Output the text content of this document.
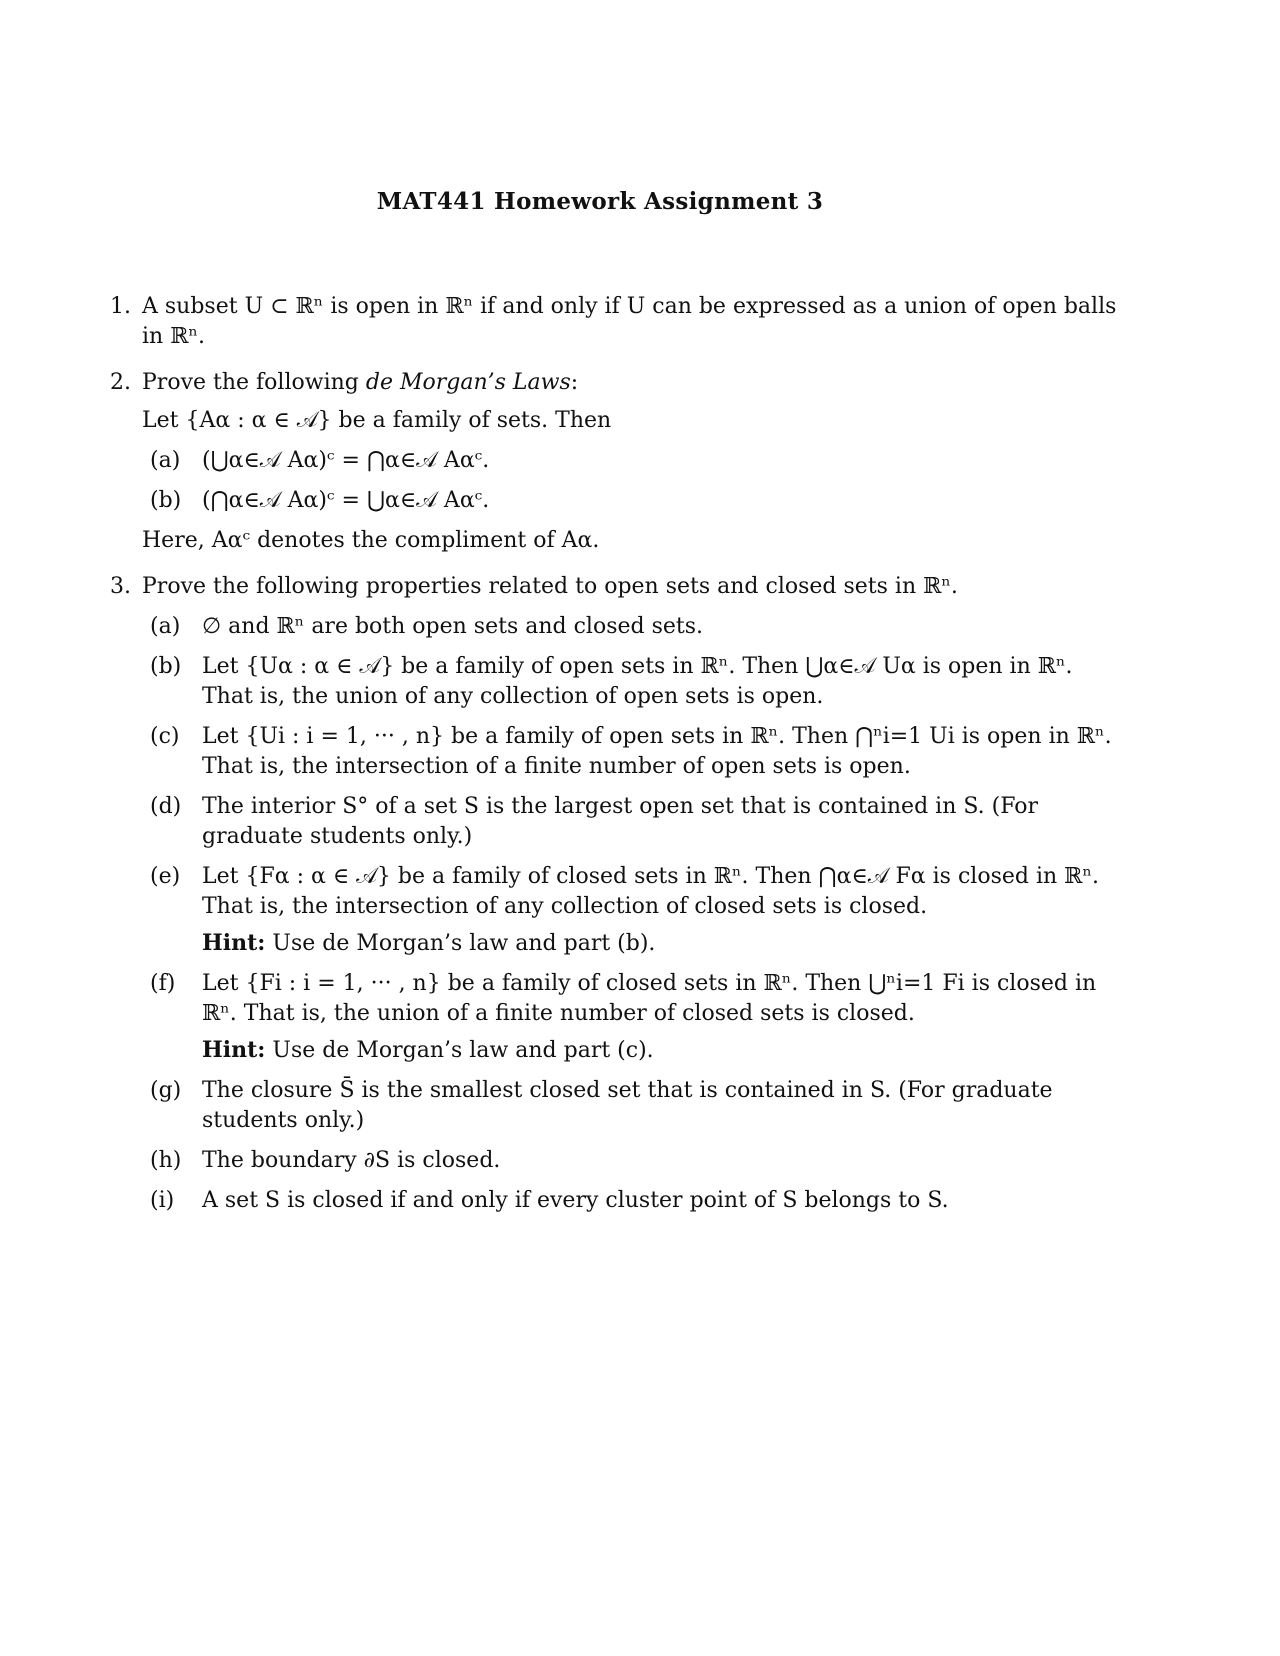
MAT441 Homework Assignment 3
1. A subset U ⊂ ℝⁿ is open in ℝⁿ if and only if U can be expressed as a union of open balls in ℝⁿ.
2. Prove the following de Morgan’s Laws:
Let {Aα : α ∈ 𝒜} be a family of sets. Then
(a) (⋃α∈𝒜 Aα)ᶜ = ⋂α∈𝒜 Aαᶜ.
(b) (⋂α∈𝒜 Aα)ᶜ = ⋃α∈𝒜 Aαᶜ.
Here, Aαᶜ denotes the compliment of Aα.
3. Prove the following properties related to open sets and closed sets in ℝⁿ.
(a) ∅ and ℝⁿ are both open sets and closed sets.
(b) Let {Uα : α ∈ 𝒜} be a family of open sets in ℝⁿ. Then ⋃α∈𝒜 Uα is open in ℝⁿ. That is, the union of any collection of open sets is open.
(c) Let {Ui : i = 1, ··· , n} be a family of open sets in ℝⁿ. Then ⋂ⁿi=1 Ui is open in ℝⁿ. That is, the intersection of a finite number of open sets is open.
(d) The interior S° of a set S is the largest open set that is contained in S. (For graduate students only.)
(e) Let {Fα : α ∈ 𝒜} be a family of closed sets in ℝⁿ. Then ⋂α∈𝒜 Fα is closed in ℝⁿ. That is, the intersection of any collection of closed sets is closed.
Hint: Use de Morgan’s law and part (b).
(f) Let {Fi : i = 1, ··· , n} be a family of closed sets in ℝⁿ. Then ⋃ⁿi=1 Fi is closed in ℝⁿ. That is, the union of a finite number of closed sets is closed.
Hint: Use de Morgan’s law and part (c).
(g) The closure S̄ is the smallest closed set that is contained in S. (For graduate students only.)
(h) The boundary ∂S is closed.
(i) A set S is closed if and only if every cluster point of S belongs to S.
